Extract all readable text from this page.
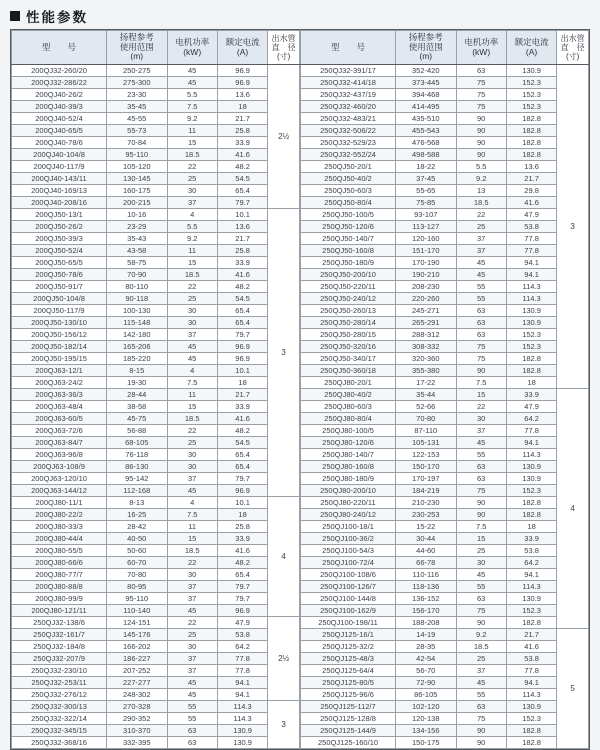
性能参数
型　　号

扬程参考
使用范围
(m)

电机功率
(kW)

额定电流
(A)

出水管
直　径
(寸)

200QJ32-260/20	250-275	45	96.9	2½
200QJ32-286/22	275-300	45	96.9	
200QJ40-26/2	23-30	5.5	13.6	
200QJ40-39/3	35-45	7.5	18	
200QJ40-52/4	45-55	9.2	21.7	
200QJ40-65/5	55-73	11	25.8	
200QJ40-78/6	70-84	15	33.9	
200QJ40-104/8	95-110	18.5	41.6	
200QJ40-117/9	105-120	22	48.2	
200QJ40-143/11	130-145	25	54.5	
200QJ40-169/13	160-175	30	65.4	
200QJ40-208/16	200-215	37	79.7	
200QJ50-13/1	10-16	4	10.1	3
200QJ50-26/2	23-29	5.5	13.6	
200QJ50-39/3	35-43	9.2	21.7	
200QJ50-52/4	43-58	11	25.8	
200QJ50-65/5	58-75	15	33.9	
200QJ50-78/6	70-90	18.5	41.6	
200QJ50-91/7	80-110	22	48.2	
200QJ50-104/8	90-118	25	54.5	
200QJ50-117/9	100-130	30	65.4	
200QJ50-130/10	115-148	30	65.4	
200QJ50-156/12	142-180	37	79.7	
200QJ50-182/14	165-206	45	96.9	
200QJ50-195/15	185-220	45	96.9	
200QJ63-12/1	8-15	4	10.1	
200QJ63-24/2	19-30	7.5	18	
200QJ63-36/3	28-44	11	21.7	
200QJ63-48/4	38-58	15	33.9	
200QJ63-60/5	45-75	18.5	41.6	
200QJ63-72/6	56-88	22	48.2	
200QJ63-84/7	68-105	25	54.5	
200QJ63-96/8	76-118	30	65.4	
200QJ63-108/9	86-130	30	65.4	
200QJ63-120/10	95-142	37	79.7	
200QJ63-144/12	112-168	45	96.9	
200QJ80-11/1	8-13	4	10.1	4
200QJ80-22/2	16-25	7.5	18	
200QJ80-33/3	28-42	11	25.8	
200QJ80-44/4	40-50	15	33.9	
200QJ80-55/5	50-60	18.5	41.6	
200QJ80-66/6	60-70	22	48.2	
200QJ80-77/7	70-80	30	65.4	
200QJ80-88/8	80-95	37	79.7	
200QJ80-99/9	95-110	37	79.7	
200QJ80-121/11	110-140	45	96.9	
250QJ32-138/6	124-151	22	47.9	2½
250QJ32-161/7	145-176	25	53.8	
250QJ32-184/8	166-202	30	64.2	
250QJ32-207/9	186-227	37	77.8	
250QJ32-230/10	207-252	37	77.8	
250QJ32-253/11	227-277	45	94.1	
250QJ32-276/12	248-302	45	94.1	
250QJ32-300/13	270-328	55	114.3	3
250QJ32-322/14	290-352	55	114.3	
250QJ32-345/15	310-370	63	130.9	
250QJ32-368/16	332-395	63	130.9	
型　　号

扬程参考
使用范围
(m)

电机功率
(kW)

额定电流
(A)

出水管
直　径
(寸)

250QJ32-391/17	352-420	63	130.9	3
250QJ32-414/18	373-445	75	152.3	
250QJ32-437/19	394-468	75	152.3	
250QJ32-460/20	414-495	75	152.3	
250QJ32-483/21	435-510	90	182.8	
250QJ32-506/22	455-543	90	182.8	
250QJ32-529/23	476-568	90	182.8	
250QJ32-552/24	498-588	90	182.8	
250QJ50-20/1	18-22	5.5	13.6	
250QJ50-40/2	37-45	9.2	21.7	
250QJ50-60/3	55-65	13	29.8	
250QJ50-80/4	75-85	18.5	41.6	
250QJ50-100/5	93-107	22	47.9	
250QJ50-120/6	113-127	25	53.8	
250QJ50-140/7	120-160	37	77.8	
250QJ50-160/8	151-170	37	77.8	
250QJ50-180/9	170-190	45	94.1	
250QJ50-200/10	190-210	45	94.1	
250QJ50-220/11	208-230	55	114.3	
250QJ50-240/12	220-260	55	114.3	
250QJ50-260/13	245-271	63	130.9	
250QJ50-280/14	265-291	63	130.9	
250QJ50-280/15	288-312	63	152.3	
250QJ50-320/16	308-332	75	152.3	
250QJ50-340/17	320-360	75	182.8	
250QJ50-360/18	355-380	90	182.8	
250QJ80-20/1	17-22	7.5	18	
250QJ80-40/2	35-44	15	33.9	4
250QJ80-60/3	52-66	22	47.9	
250QJ80-80/4	70-80	30	64.2	
250QJ80-100/5	87-110	37	77.8	
250QJ80-120/6	105-131	45	94.1	
250QJ80-140/7	122-153	55	114.3	
250QJ80-160/8	150-170	63	130.9	
250QJ80-180/9	170-197	63	130.9	
250QJ80-200/10	184-219	75	152.3	
250QJ80-220/11	210-230	90	182.8	
250QJ80-240/12	230-253	90	182.8	
250QJ100-18/1	15-22	7.5	18	
250QJ100-36/2	30-44	15	33.9	
250QJ100-54/3	44-60	25	53.8	
250QJ100-72/4	66-78	30	64.2	
250QJ100-108/6	110-116	45	94.1	
250QJ100-126/7	118-136	55	114.3	
250QJ100-144/8	136-152	63	130.9	
250QJ100-162/9	156-170	75	152.3	
250QJ100-198/11	188-208	90	182.8	
250QJ125-16/1	14-19	9.2	21.7	5
250QJ125-32/2	28-35	18.5	41.6	
250QJ125-48/3	42-54	25	53.8	
250QJ125-64/4	56-70	37	77.8	
250QJ125-80/5	72-90	45	94.1	
250QJ125-96/6	86-105	55	114.3	
250QJ125-112/7	102-120	63	130.9	
250QJ125-128/8	120-138	75	152.3	
250QJ125-144/9	134-156	90	182.8	
250QJ125-160/10	150-175	90	182.8	
